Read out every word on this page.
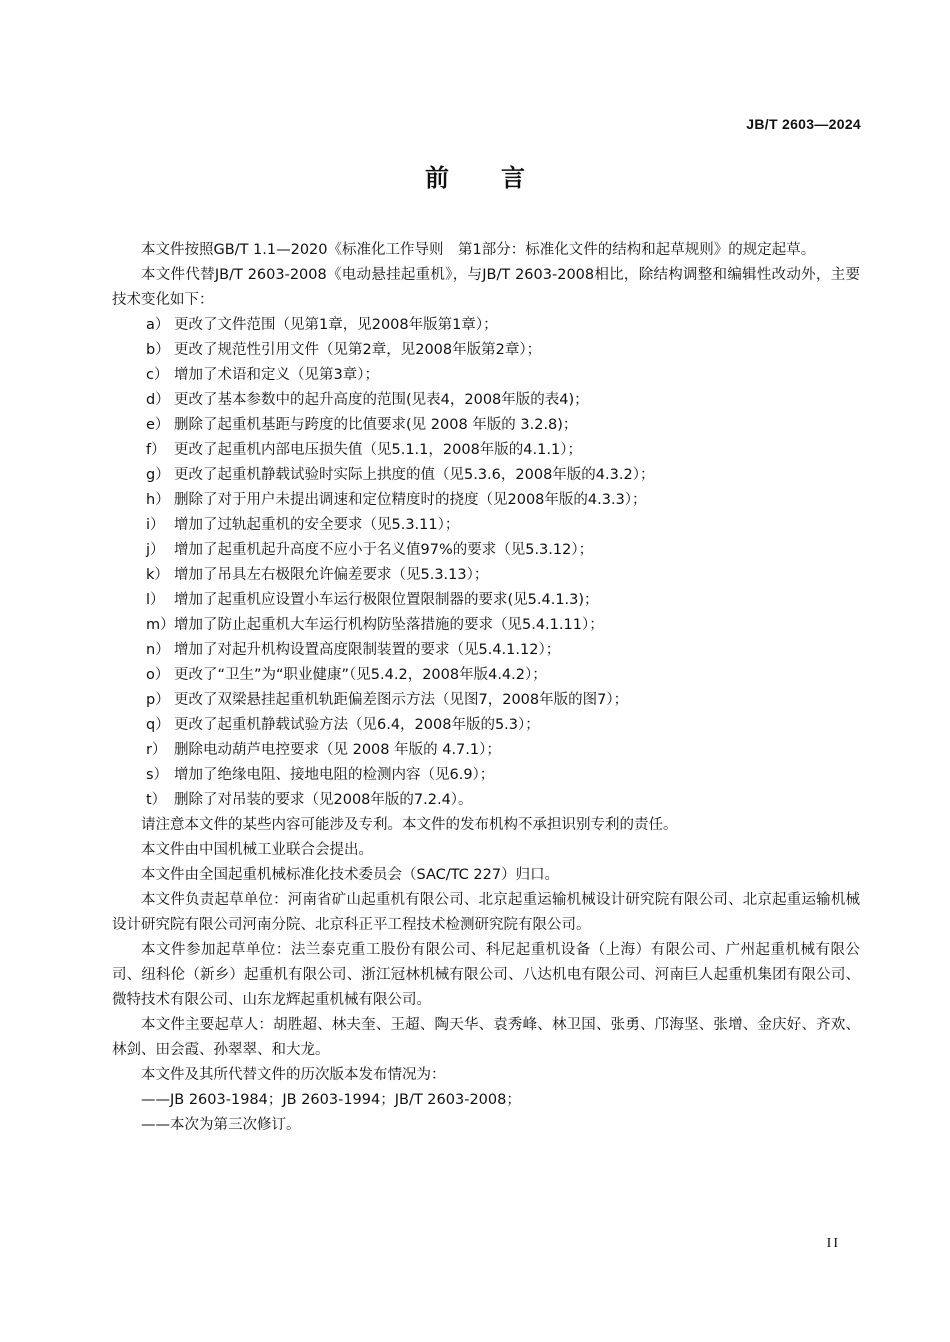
JB/T 2603—2024
前言

本文件按照GB/T 1.1—2020《标准化工作导则　第1部分：标准化文件的结构和起草规则》的规定起草。

本文件代替JB/T 2603-2008《电动悬挂起重机》，与JB/T 2603-2008相比，除结构调整和编辑性改动外，主要技术变化如下：

a） 更改了文件范围（见第1章，见2008年版第1章）；
b） 更改了规范性引用文件（见第2章，见2008年版第2章）；
c） 增加了术语和定义（见第3章）；
d） 更改了基本参数中的起升高度的范围(见表4，2008年版的表4)；
e） 删除了起重机基距与跨度的比值要求(见 2008 年版的 3.2.8)；
f） 更改了起重机内部电压损失值（见5.1.1，2008年版的4.1.1）；
g） 更改了起重机静载试验时实际上拱度的值（见5.3.6，2008年版的4.3.2）；
h） 删除了对于用户未提出调速和定位精度时的挠度（见2008年版的4.3.3）；
i） 增加了过轨起重机的安全要求（见5.3.11）；
j） 增加了起重机起升高度不应小于名义值97%的要求（见5.3.12）；
k） 增加了吊具左右极限允许偏差要求（见5.3.13）；
l） 增加了起重机应设置小车运行极限位置限制器的要求(见5.4.1.3)；
m）增加了防止起重机大车运行机构防坠落措施的要求（见5.4.1.11）；
n） 增加了对起升机构设置高度限制装置的要求（见5.4.1.12）；
o） 更改了“卫生”为“职业健康”（见5.4.2，2008年版4.4.2）；
p） 更改了双梁悬挂起重机轨距偏差图示方法（见图7，2008年版的图7）；
q） 更改了起重机静载试验方法（见6.4，2008年版的5.3）；
r） 删除电动葫芦电控要求（见 2008 年版的 4.7.1）；
s） 增加了绝缘电阻、接地电阻的检测内容（见6.9）；
t） 删除了对吊装的要求（见2008年版的7.2.4）。

请注意本文件的某些内容可能涉及专利。本文件的发布机构不承担识别专利的责任。

本文件由中国机械工业联合会提出。

本文件由全国起重机械标准化技术委员会（SAC/TC 227）归口。

本文件负责起草单位：河南省矿山起重机有限公司、北京起重运输机械设计研究院有限公司、北京起重运输机械设计研究院有限公司河南分院、北京科正平工程技术检测研究院有限公司。

本文件参加起草单位：法兰泰克重工股份有限公司、科尼起重机设备（上海）有限公司、广州起重机械有限公司、纽科伦（新乡）起重机有限公司、浙江冠林机械有限公司、八达机电有限公司、河南巨人起重机集团有限公司、微特技术有限公司、山东龙辉起重机械有限公司。

本文件主要起草人：胡胜超、林夫奎、王超、陶天华、袁秀峰、林卫国、张勇、邝海坚、张增、金庆好、齐欢、林剑、田会霞、孙翠翠、和大龙。

本文件及其所代替文件的历次版本发布情况为：

——JB 2603-1984；JB 2603-1994；JB/T 2603-2008；

——本次为第三次修订。

II
